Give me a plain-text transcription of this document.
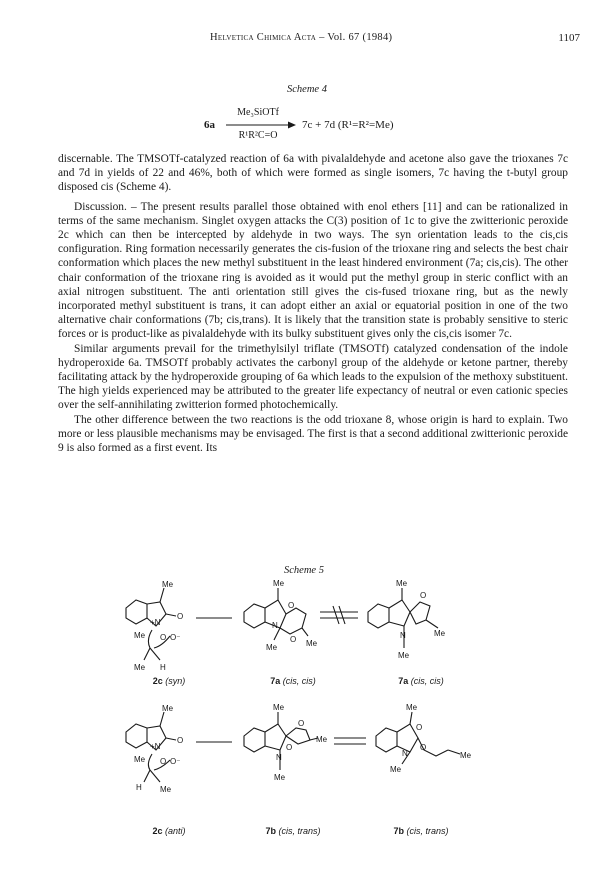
Helvetica Chimica Acta – Vol. 67 (1984)	1107
Scheme 4
6a
Me₃SiOTf
R¹R²C=O
7c + 7d (R¹=R²=Me)

discernable. The TMSOTf-catalyzed reaction of 6a with pivalaldehyde and acetone also gave the trioxanes 7c and 7d in yields of 22 and 46%, both of which were formed as single isomers, 7c having the t-butyl group disposed cis (Scheme 4).

Discussion. – The present results parallel those obtained with enol ethers [11] and can be rationalized in terms of the same mechanism. Singlet oxygen attacks the C(3) position of 1c to give the zwitterionic peroxide 2c which can then be intercepted by aldehyde in two ways. The syn orientation leads to the cis,cis configuration. Ring formation necessarily generates the cis-fusion of the trioxane ring and selects the best chair conformation which places the new methyl substituent in the least hindered environment (7a; cis,cis). The other chair conformation of the trioxane ring is avoided as it would put the methyl group in steric conflict with an axial nitrogen substituent. The anti orientation still gives the cis-fused trioxane ring, but as the newly incorporated methyl substituent is trans, it can adopt either an axial or equatorial position in one of the two alternative chair conformations (7b; cis,trans). It is likely that the transition state is probably sensitive to steric forces or is product-like as pivalaldehyde with its bulky substituent gives only the cis,cis isomer 7c.

Similar arguments prevail for the trimethylsilyl triflate (TMSOTf) catalyzed condensation of the indole hydroperoxide 6a. TMSOTf probably activates the carbonyl group of the aldehyde or ketone partner, thereby facilitating attack by the hydroperoxide grouping of 6a which leads to the expulsion of the methoxy substituent. The high yields experienced may be attributed to the greater life expectancy of neutral or even cationic species over the self-annihilating zwitterion formed photochemically.

The other difference between the two reactions is the odd trioxane 8, whose origin is hard to explain. Two more or less plausible mechanisms may be envisaged. The first is that a second additional zwitterionic peroxide 9 is also formed as a first event. Its

Scheme 5
Me
O
+N
Me O O⁻
Me H
Me
O
N
O
Me	Me
Me
O
N
Me
Me
Me
O
+N
Me O O⁻
H Me
Me
O
O
Me
N
Me
Me
O
O
N
Me
Me
2c (syn)	7a (cis, cis)	7a (cis, cis)
2c (anti)	7b (cis, trans)	7b (cis, trans)
